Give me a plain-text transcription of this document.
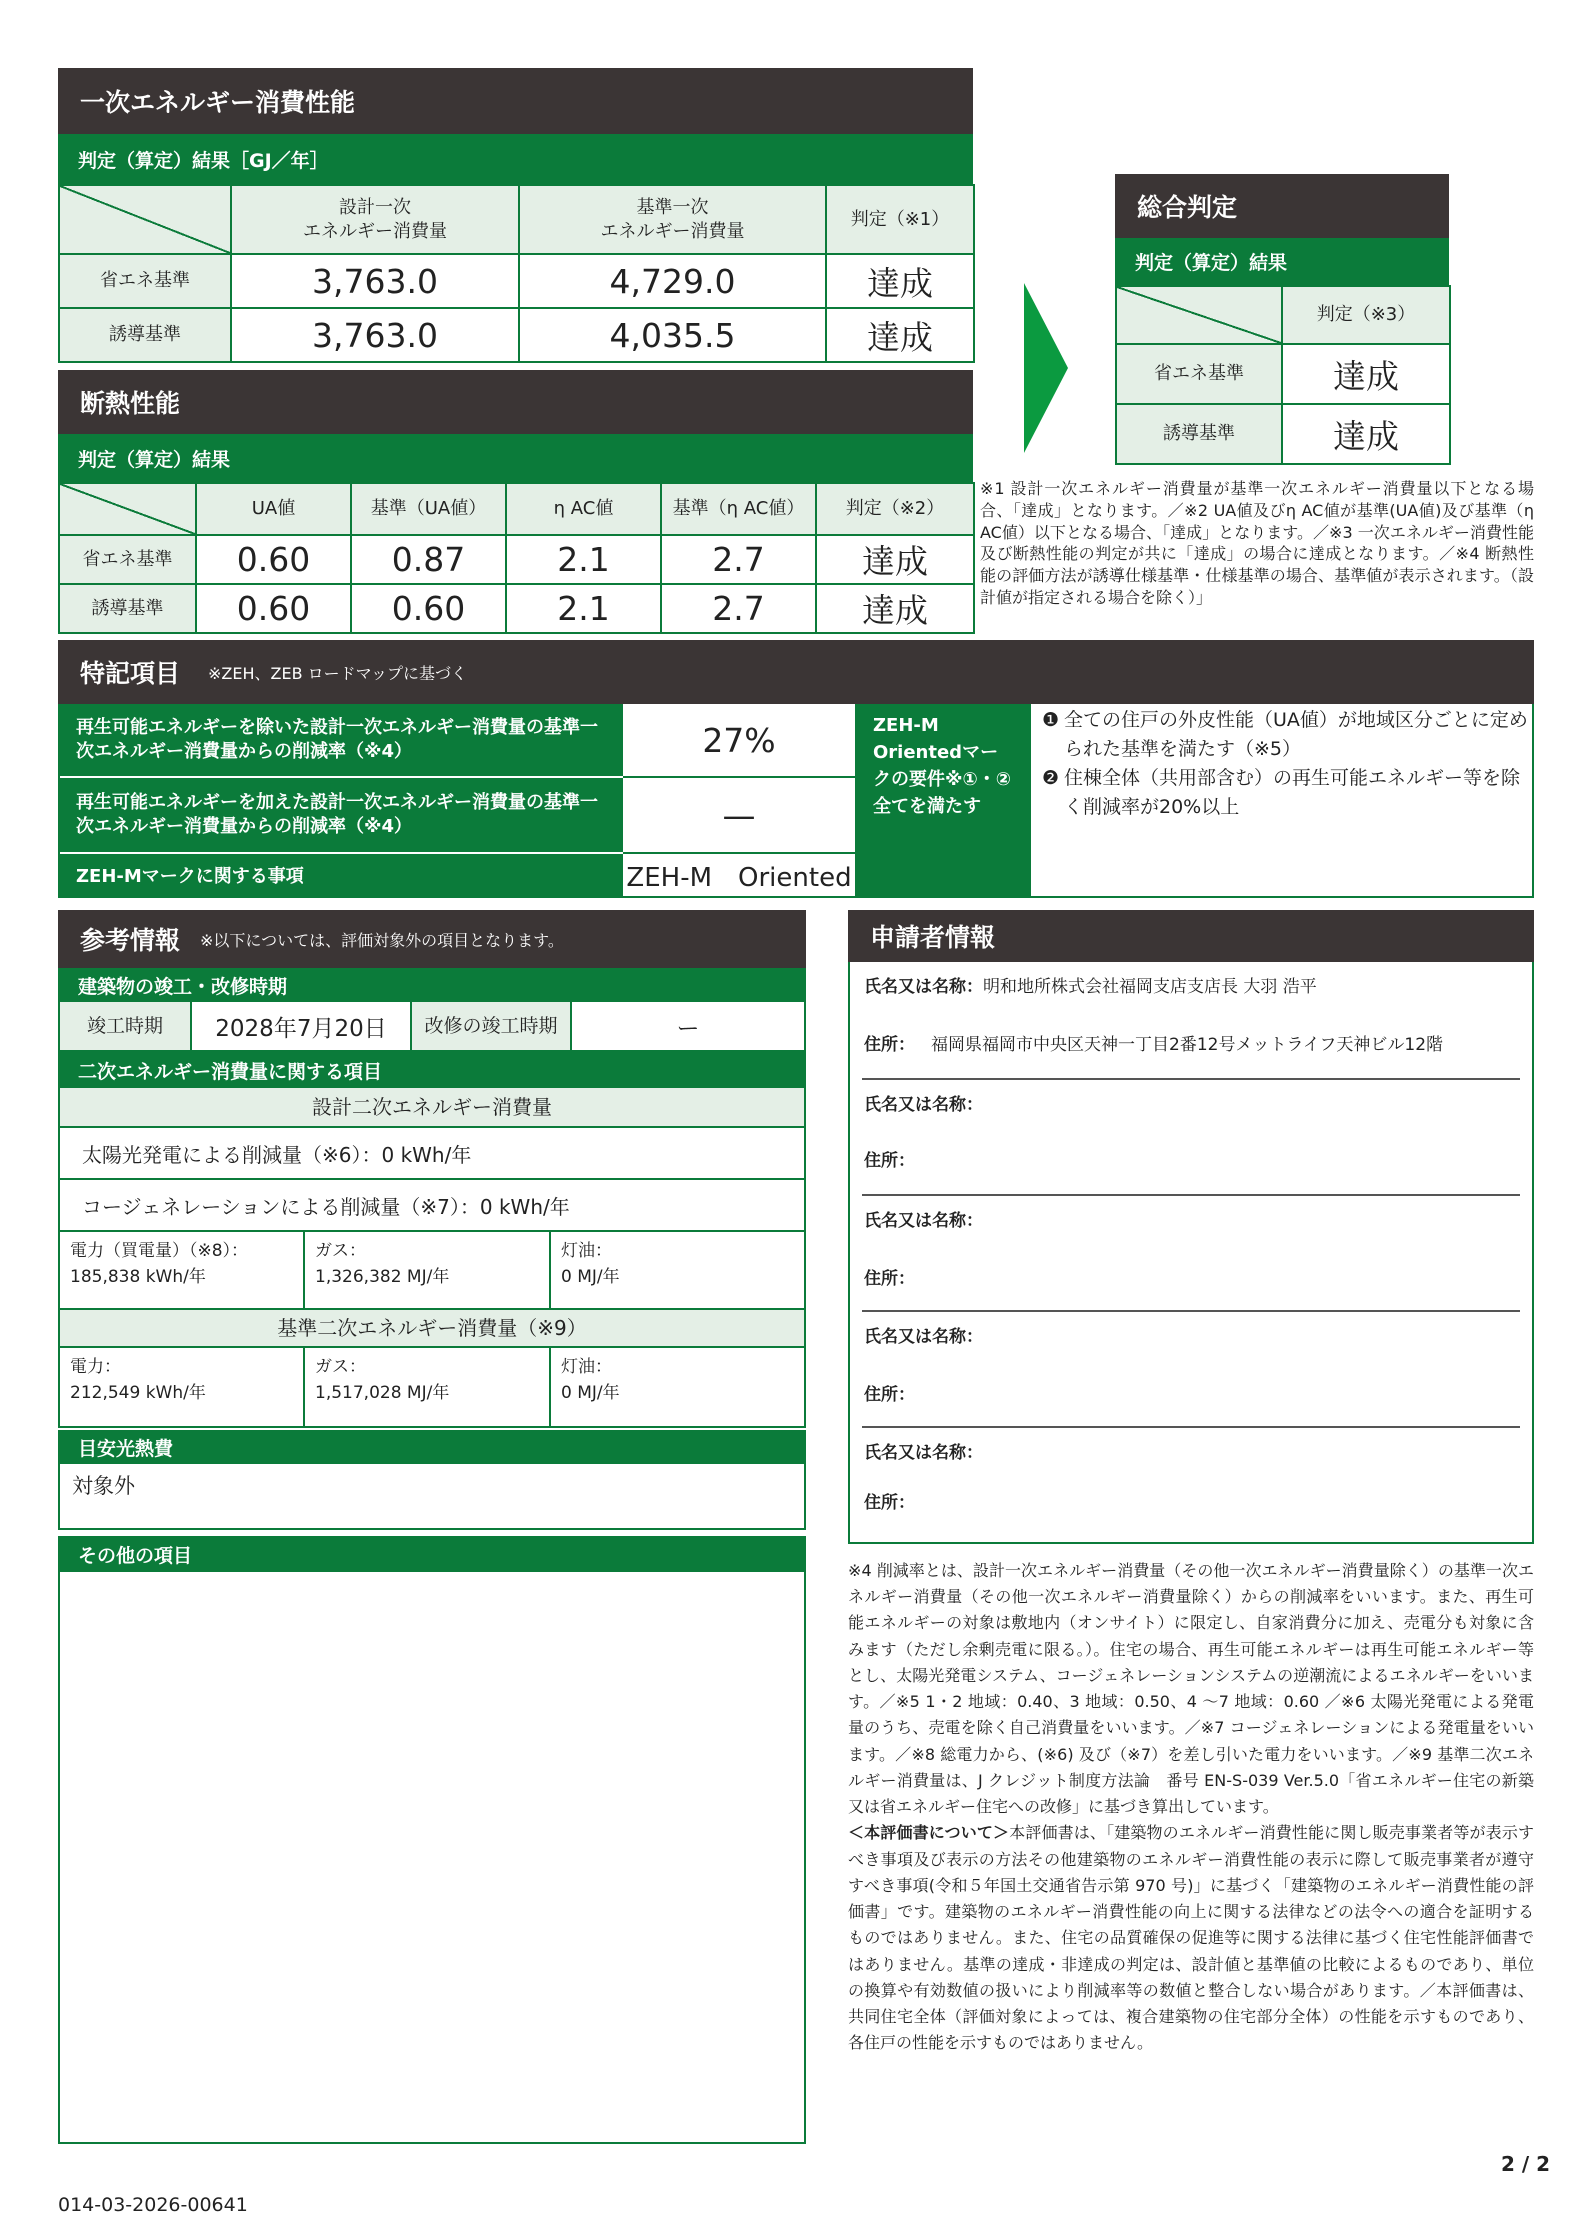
一次エネルギー消費性能
判定（算定）結果［GJ／年］
	設計一次
エネルギー消費量	基準一次
エネルギー消費量	判定（※1）
省エネ基準	3,763.0	4,729.0	達成
誘導基準	3,763.0	4,035.5	達成
断熱性能
判定（算定）結果
	UA値	基準（UA値）	η AC値	基準（η AC値）	判定（※2）
省エネ基準	0.60	0.87	2.1	2.7	達成
誘導基準	0.60	0.60	2.1	2.7	達成
総合判定
判定（算定）結果
	判定（※3）
省エネ基準	達成
誘導基準	達成
※1 設計一次エネルギー消費量が基準一次エネルギー消費量以下となる場合、「達成」となります。／※2 UA値及びη AC値が基準(UA値)及び基準（η AC値）以下となる場合、「達成」となります。／※3 一次エネルギー消費性能及び断熱性能の判定が共に「達成」の場合に達成となります。／※4 断熱性能の評価方法が誘導仕様基準・仕様基準の場合、基準値が表示されます。（設計値が指定される場合を除く）」
特記項目 ※ZEH、ZEB ロードマップに基づく
再生可能エネルギーを除いた設計一次エネルギー消費量の基準一次エネルギー消費量からの削減率（※4）	27%
再生可能エネルギーを加えた設計一次エネルギー消費量の基準一次エネルギー消費量からの削減率（※4）	—
ZEH-Mマークに関する事項	ZEH-M　Oriented
ZEH-M Orientedマークの要件※①・②全てを満たす
❶ 全ての住戸の外皮性能（UA値）が地域区分ごとに定められた基準を満たす（※5）
❷ 住棟全体（共用部含む）の再生可能エネルギー等を除く削減率が20%以上
参考情報 ※以下については、評価対象外の項目となります。
建築物の竣工・改修時期
竣工時期	2028年7月20日	改修の竣工時期	ー
二次エネルギー消費量に関する項目
設計二次エネルギー消費量
太陽光発電による削減量（※6）：0 kWh/年
コージェネレーションによる削減量（※7）：0 kWh/年
電力（買電量）（※8）：
185,838 kWh/年
ガス：
1,326,382 MJ/年
灯油：
0 MJ/年
基準二次エネルギー消費量（※9）
電力：
212,549 kWh/年
ガス：
1,517,028 MJ/年
灯油：
0 MJ/年
目安光熱費
対象外
その他の項目
申請者情報
氏名又は名称：明和地所株式会社福岡支店支店長 大羽 浩平
住所： 福岡県福岡市中央区天神一丁目2番12号メットライフ天神ビル12階
氏名又は名称：
住所：
氏名又は名称：
住所：
氏名又は名称：
住所：
氏名又は名称：
住所：
※4 削減率とは、設計一次エネルギー消費量（その他一次エネルギー消費量除く）の基準一次エネルギー消費量（その他一次エネルギー消費量除く）からの削減率をいいます。また、再生可能エネルギーの対象は敷地内（オンサイト）に限定し、自家消費分に加え、売電分も対象に含みます（ただし余剰売電に限る。）。住宅の場合、再生可能エネルギーは再生可能エネルギー等とし、太陽光発電システム、コージェネレーションシステムの逆潮流によるエネルギーをいいます。／※5 1・2 地域：0.40、3 地域：0.50、4 ～7 地域：0.60 ／※6 太陽光発電による発電量のうち、売電を除く自己消費量をいいます。／※7 コージェネレーションによる発電量をいいます。／※8 総電力から、(※6) 及び（※7）を差し引いた電力をいいます。／※9 基準二次エネルギー消費量は、J クレジット制度方法論　番号 EN-S-039 Ver.5.0「省エネルギー住宅の新築又は省エネルギー住宅への改修」に基づき算出しています。
＜本評価書について＞本評価書は、「建築物のエネルギー消費性能に関し販売事業者等が表示すべき事項及び表示の方法その他建築物のエネルギー消費性能の表示に際して販売事業者が遵守すべき事項(令和５年国土交通省告示第 970 号)」に基づく「建築物のエネルギー消費性能の評価書」です。建築物のエネルギー消費性能の向上に関する法律などの法令への適合を証明するものではありません。また、住宅の品質確保の促進等に関する法律に基づく住宅性能評価書ではありません。基準の達成・非達成の判定は、設計値と基準値の比較によるものであり、単位の換算や有効数値の扱いにより削減率等の数値と整合しない場合があります。／本評価書は、共同住宅全体（評価対象によっては、複合建築物の住宅部分全体）の性能を示すものであり、各住戸の性能を示すものではありません。
2 / 2
014-03-2026-00641
